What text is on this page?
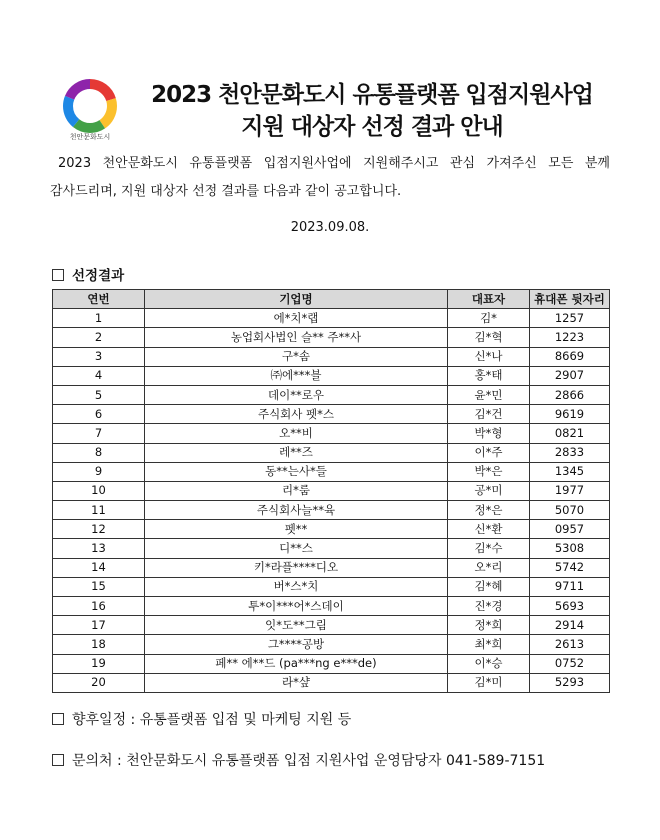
천안문화도시
2023 천안문화도시 유통플랫폼 입점지원사업
지원 대상자 선정 결과 안내
2023 천안문화도시 유통플랫폼 입점지원사업에 지원해주시고 관심 가져주신 모든 분께 감사드리며, 지원 대상자 선정 결과를 다음과 같이 공고합니다.
2023.09.08.
선정결과
연번	기업명	대표자	휴대폰 뒷자리
1	에*치*랩	김*	1257
2	농업회사법인 슬** 주**사	김*혁	1223
3	구*솜	신*나	8669
4	㈜에***블	홍*태	2907
5	데이**로우	윤*민	2866
6	주식회사 펫*스	김*건	9619
7	오**비	박*형	0821
8	레**즈	이*주	2833
9	동**는사*들	박*은	1345
10	리*룸	공*미	1977
11	주식회사늘**육	정*은	5070
12	펫**	신*환	0957
13	디**스	김*수	5308
14	키*라플****디오	오*리	5742
15	버*스*치	김*혜	9711
16	투*이***어*스데이	진*경	5693
17	잇*도**그림	정*희	2914
18	그****공방	최*희	2613
19	페** 에**드 (pa***ng e***de)	이*승	0752
20	라*샾	김*미	5293
향후일정 : 유통플랫폼 입점 및 마케팅 지원 등
문의처 : 천안문화도시 유통플랫폼 입점 지원사업 운영담당자 041-589-7151
